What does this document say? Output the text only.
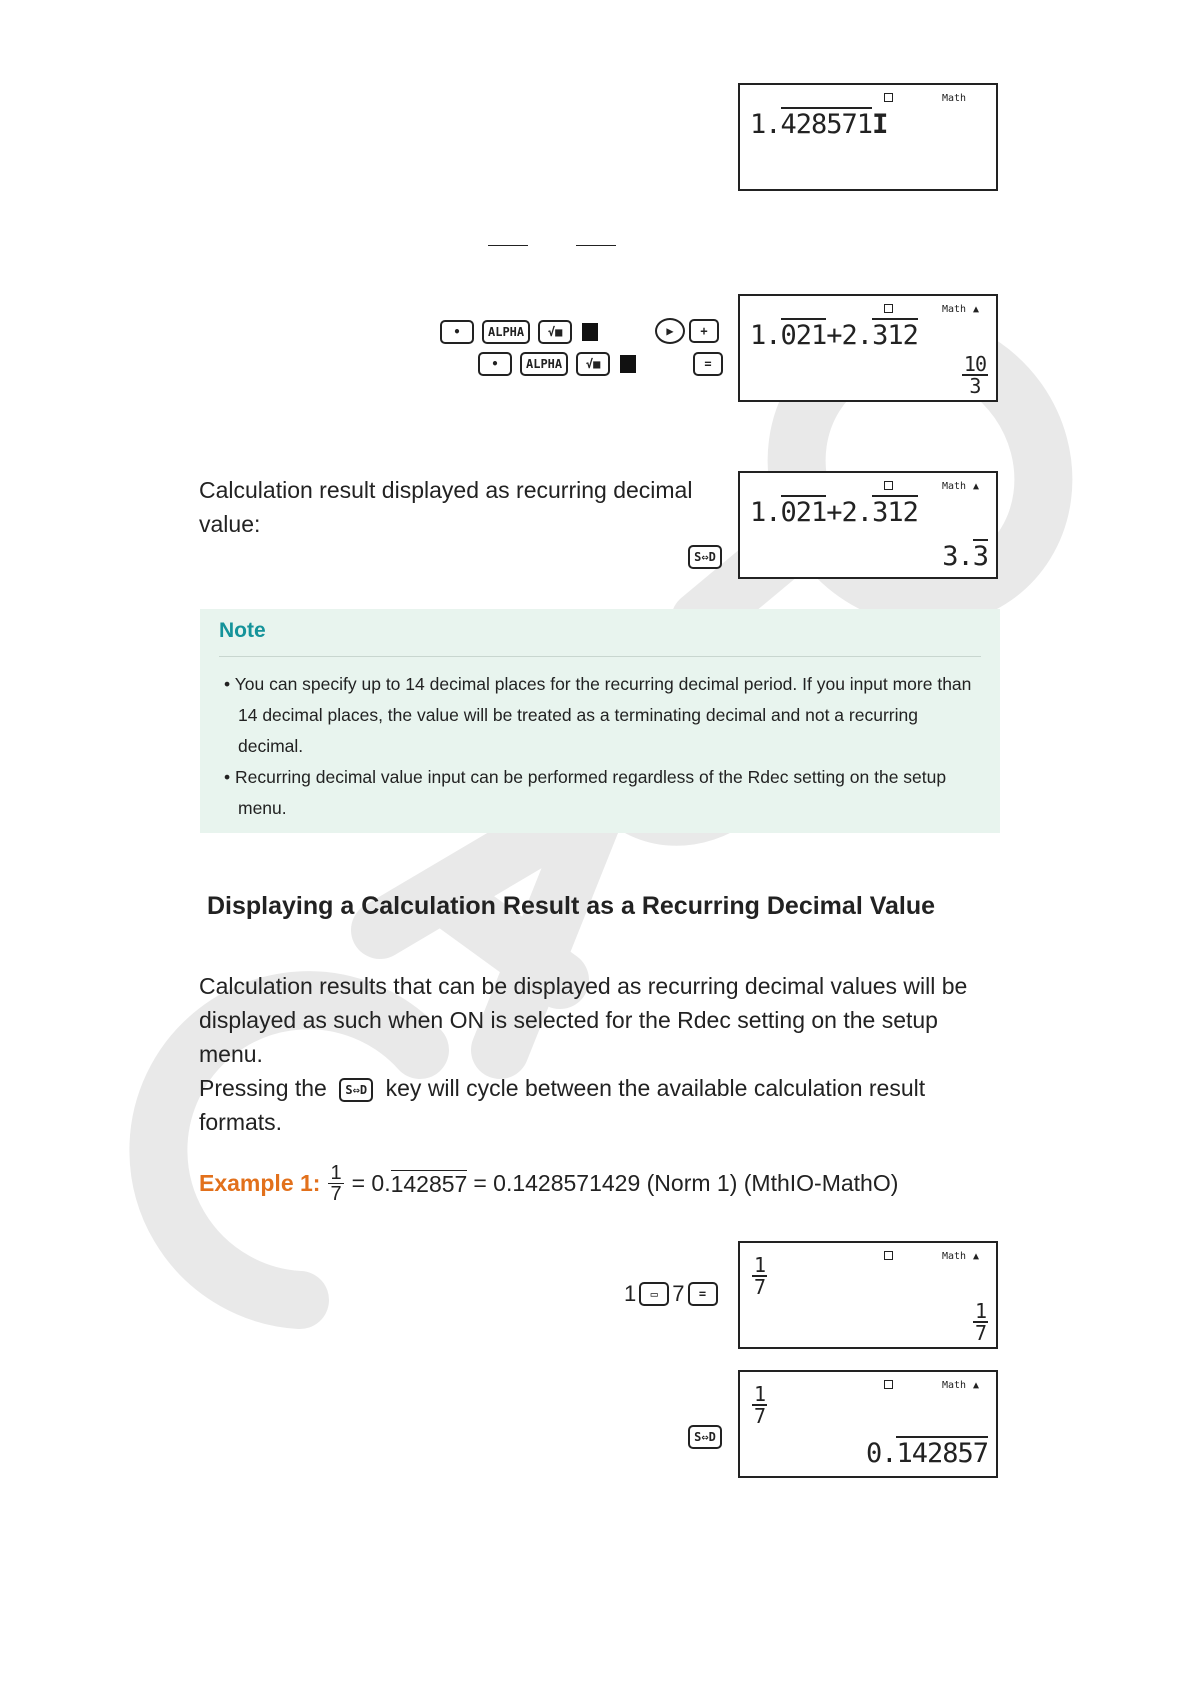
Math
1.428571I
•	ALPHA	√■	▶	+
•	ALPHA	√■	=
Math ▲
1.021+2.312
$\frac{10}{3}$
Calculation result displayed as recurring decimal value:
S⇔D
Math ▲
1.021+2.312
3.3
Note
• You can specify up to 14 decimal places for the recurring decimal period. If you input more than 14 decimal places, the value will be treated as a terminating decimal and not a recurring decimal.
• Recurring decimal value input can be performed regardless of the Rdec setting on the setup menu.
Displaying a Calculation Result as a Recurring Decimal Value
Calculation results that can be displayed as recurring decimal values will be displayed as such when ON is selected for the Rdec setting on the setup menu.
Pressing the S⇔D key will cycle between the available calculation result formats.
Example 1: $\frac{1}{7} = 0$. 142857 = 0.1428571429 (Norm 1) (MthIO-MathO)
1	▭ 7	=
Math ▲
$\frac{1}{7}$
$\frac{1}{7}$
S⇔D
Math ▲
$\frac{1}{7}$
0.142857
